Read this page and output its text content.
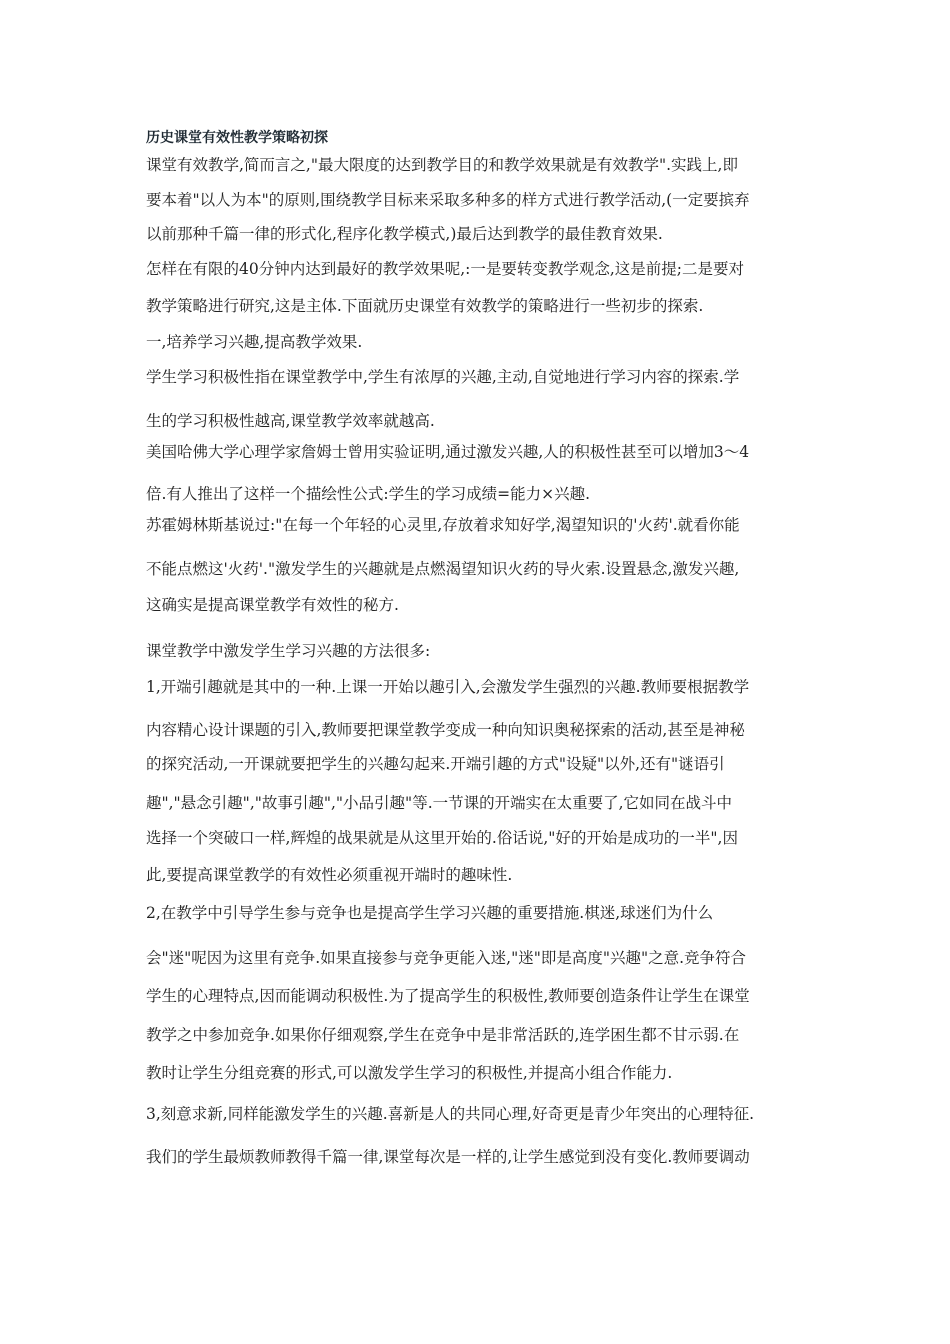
历史课堂有效性教学策略初探
课堂有效教学,简而言之,"最大限度的达到教学目的和教学效果就是有效教学".实践上,即
要本着"以人为本"的原则,围绕教学目标来采取多种多的样方式进行教学活动,(一定要摈弃
以前那种千篇一律的形式化,程序化教学模式,)最后达到教学的最佳教育效果.
怎样在有限的40分钟内达到最好的教学效果呢,:一是要转变教学观念,这是前提;二是要对
教学策略进行研究,这是主体.下面就历史课堂有效教学的策略进行一些初步的探索.
一,培养学习兴趣,提高教学效果.
学生学习积极性指在课堂教学中,学生有浓厚的兴趣,主动,自觉地进行学习内容的探索.学
生的学习积极性越高,课堂教学效率就越高.
美国哈佛大学心理学家詹姆士曾用实验证明,通过激发兴趣,人的积极性甚至可以增加3～4
倍.有人推出了这样一个描绘性公式:学生的学习成绩=能力×兴趣.
苏霍姆林斯基说过:"在每一个年轻的心灵里,存放着求知好学,渴望知识的'火药'.就看你能
不能点燃这'火药'."激发学生的兴趣就是点燃渴望知识火药的导火索.设置悬念,激发兴趣,
这确实是提高课堂教学有效性的秘方.
课堂教学中激发学生学习兴趣的方法很多:
1,开端引趣就是其中的一种.上课一开始以趣引入,会激发学生强烈的兴趣.教师要根据教学
内容精心设计课题的引入,教师要把课堂教学变成一种向知识奥秘探索的活动,甚至是神秘
的探究活动,一开课就要把学生的兴趣勾起来.开端引趣的方式"设疑"以外,还有"谜语引
趣","悬念引趣","故事引趣","小品引趣"等.一节课的开端实在太重要了,它如同在战斗中
选择一个突破口一样,辉煌的战果就是从这里开始的.俗话说,"好的开始是成功的一半",因
此,要提高课堂教学的有效性必须重视开端时的趣味性.
2,在教学中引导学生参与竞争也是提高学生学习兴趣的重要措施.棋迷,球迷们为什么
会"迷"呢因为这里有竞争.如果直接参与竞争更能入迷,"迷"即是高度"兴趣"之意.竞争符合
学生的心理特点,因而能调动积极性.为了提高学生的积极性,教师要创造条件让学生在课堂
教学之中参加竞争.如果你仔细观察,学生在竞争中是非常活跃的,连学困生都不甘示弱.在
教时让学生分组竞赛的形式,可以激发学生学习的积极性,并提高小组合作能力.
3,刻意求新,同样能激发学生的兴趣.喜新是人的共同心理,好奇更是青少年突出的心理特征.
我们的学生最烦教师教得千篇一律,课堂每次是一样的,让学生感觉到没有变化.教师要调动
